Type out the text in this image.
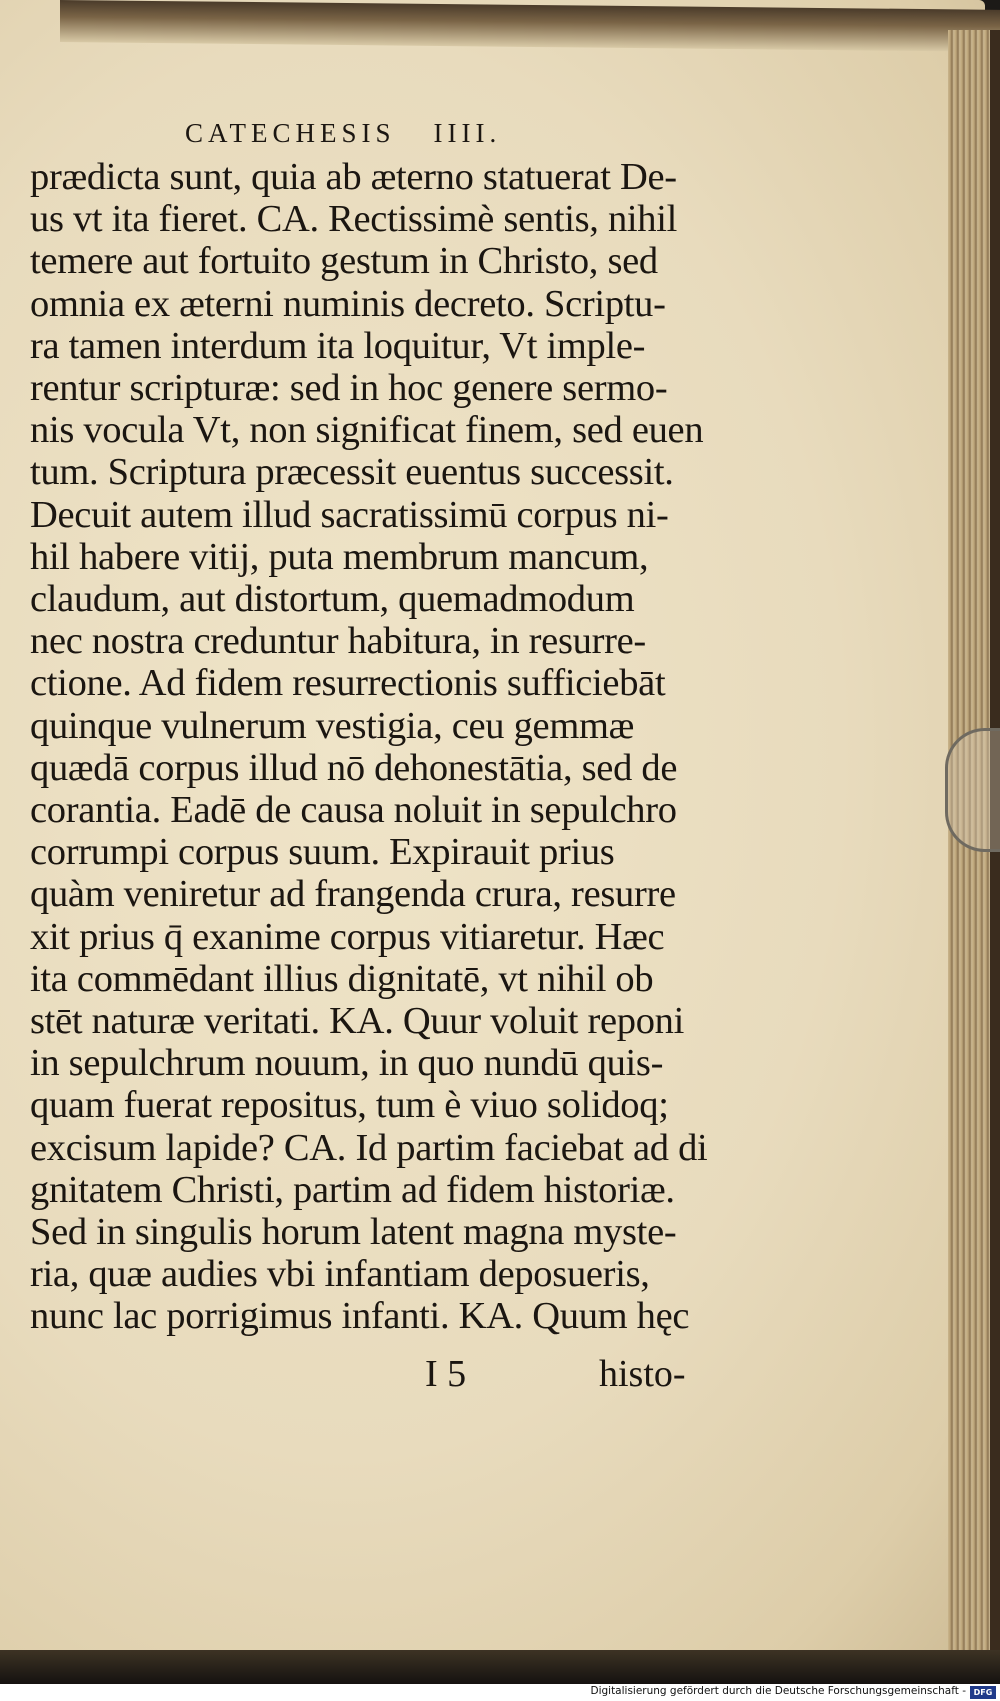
CATECHESIS IIII.
prædicta sunt, quia ab æterno statuerat De-
us vt ita fieret. CA. Rectissimè sentis, nihil
temere aut fortuito gestum in Christo, sed
omnia ex æterni numinis decreto. Scriptu-
ra tamen interdum ita loquitur, Vt imple-
rentur scripturæ: sed in hoc genere sermo-
nis vocula Vt, non significat finem, sed euen
tum. Scriptura præcessit euentus successit.
Decuit autem illud sacratissimū corpus ni-
hil habere vitij, puta membrum mancum,
claudum, aut distortum, quemadmodum
nec nostra creduntur habitura, in resurre-
ctione. Ad fidem resurrectionis sufficiebāt
quinque vulnerum vestigia, ceu gemmæ
quædā corpus illud nō dehonestātia, sed de
corantia. Eadē de causa noluit in sepulchro
corrumpi corpus suum. Expirauit prius
quàm veniretur ad frangenda crura, resurre
xit prius q̄ exanime corpus vitiaretur. Hæc
ita commēdant illius dignitatē, vt nihil ob
stēt naturæ veritati. KA. Quur voluit reponi
in sepulchrum nouum, in quo nundū quis-
quam fuerat repositus, tum è viuo solidoq;
excisum lapide? CA. Id partim faciebat ad di
gnitatem Christi, partim ad fidem historiæ.
Sed in singulis horum latent magna myste-
ria, quæ audies vbi infantiam deposueris,
nunc lac porrigimus infanti. KA. Quum hęc
I 5	histo-
Digitalisierung gefördert durch die Deutsche Forschungsgemeinschaft - DFG
